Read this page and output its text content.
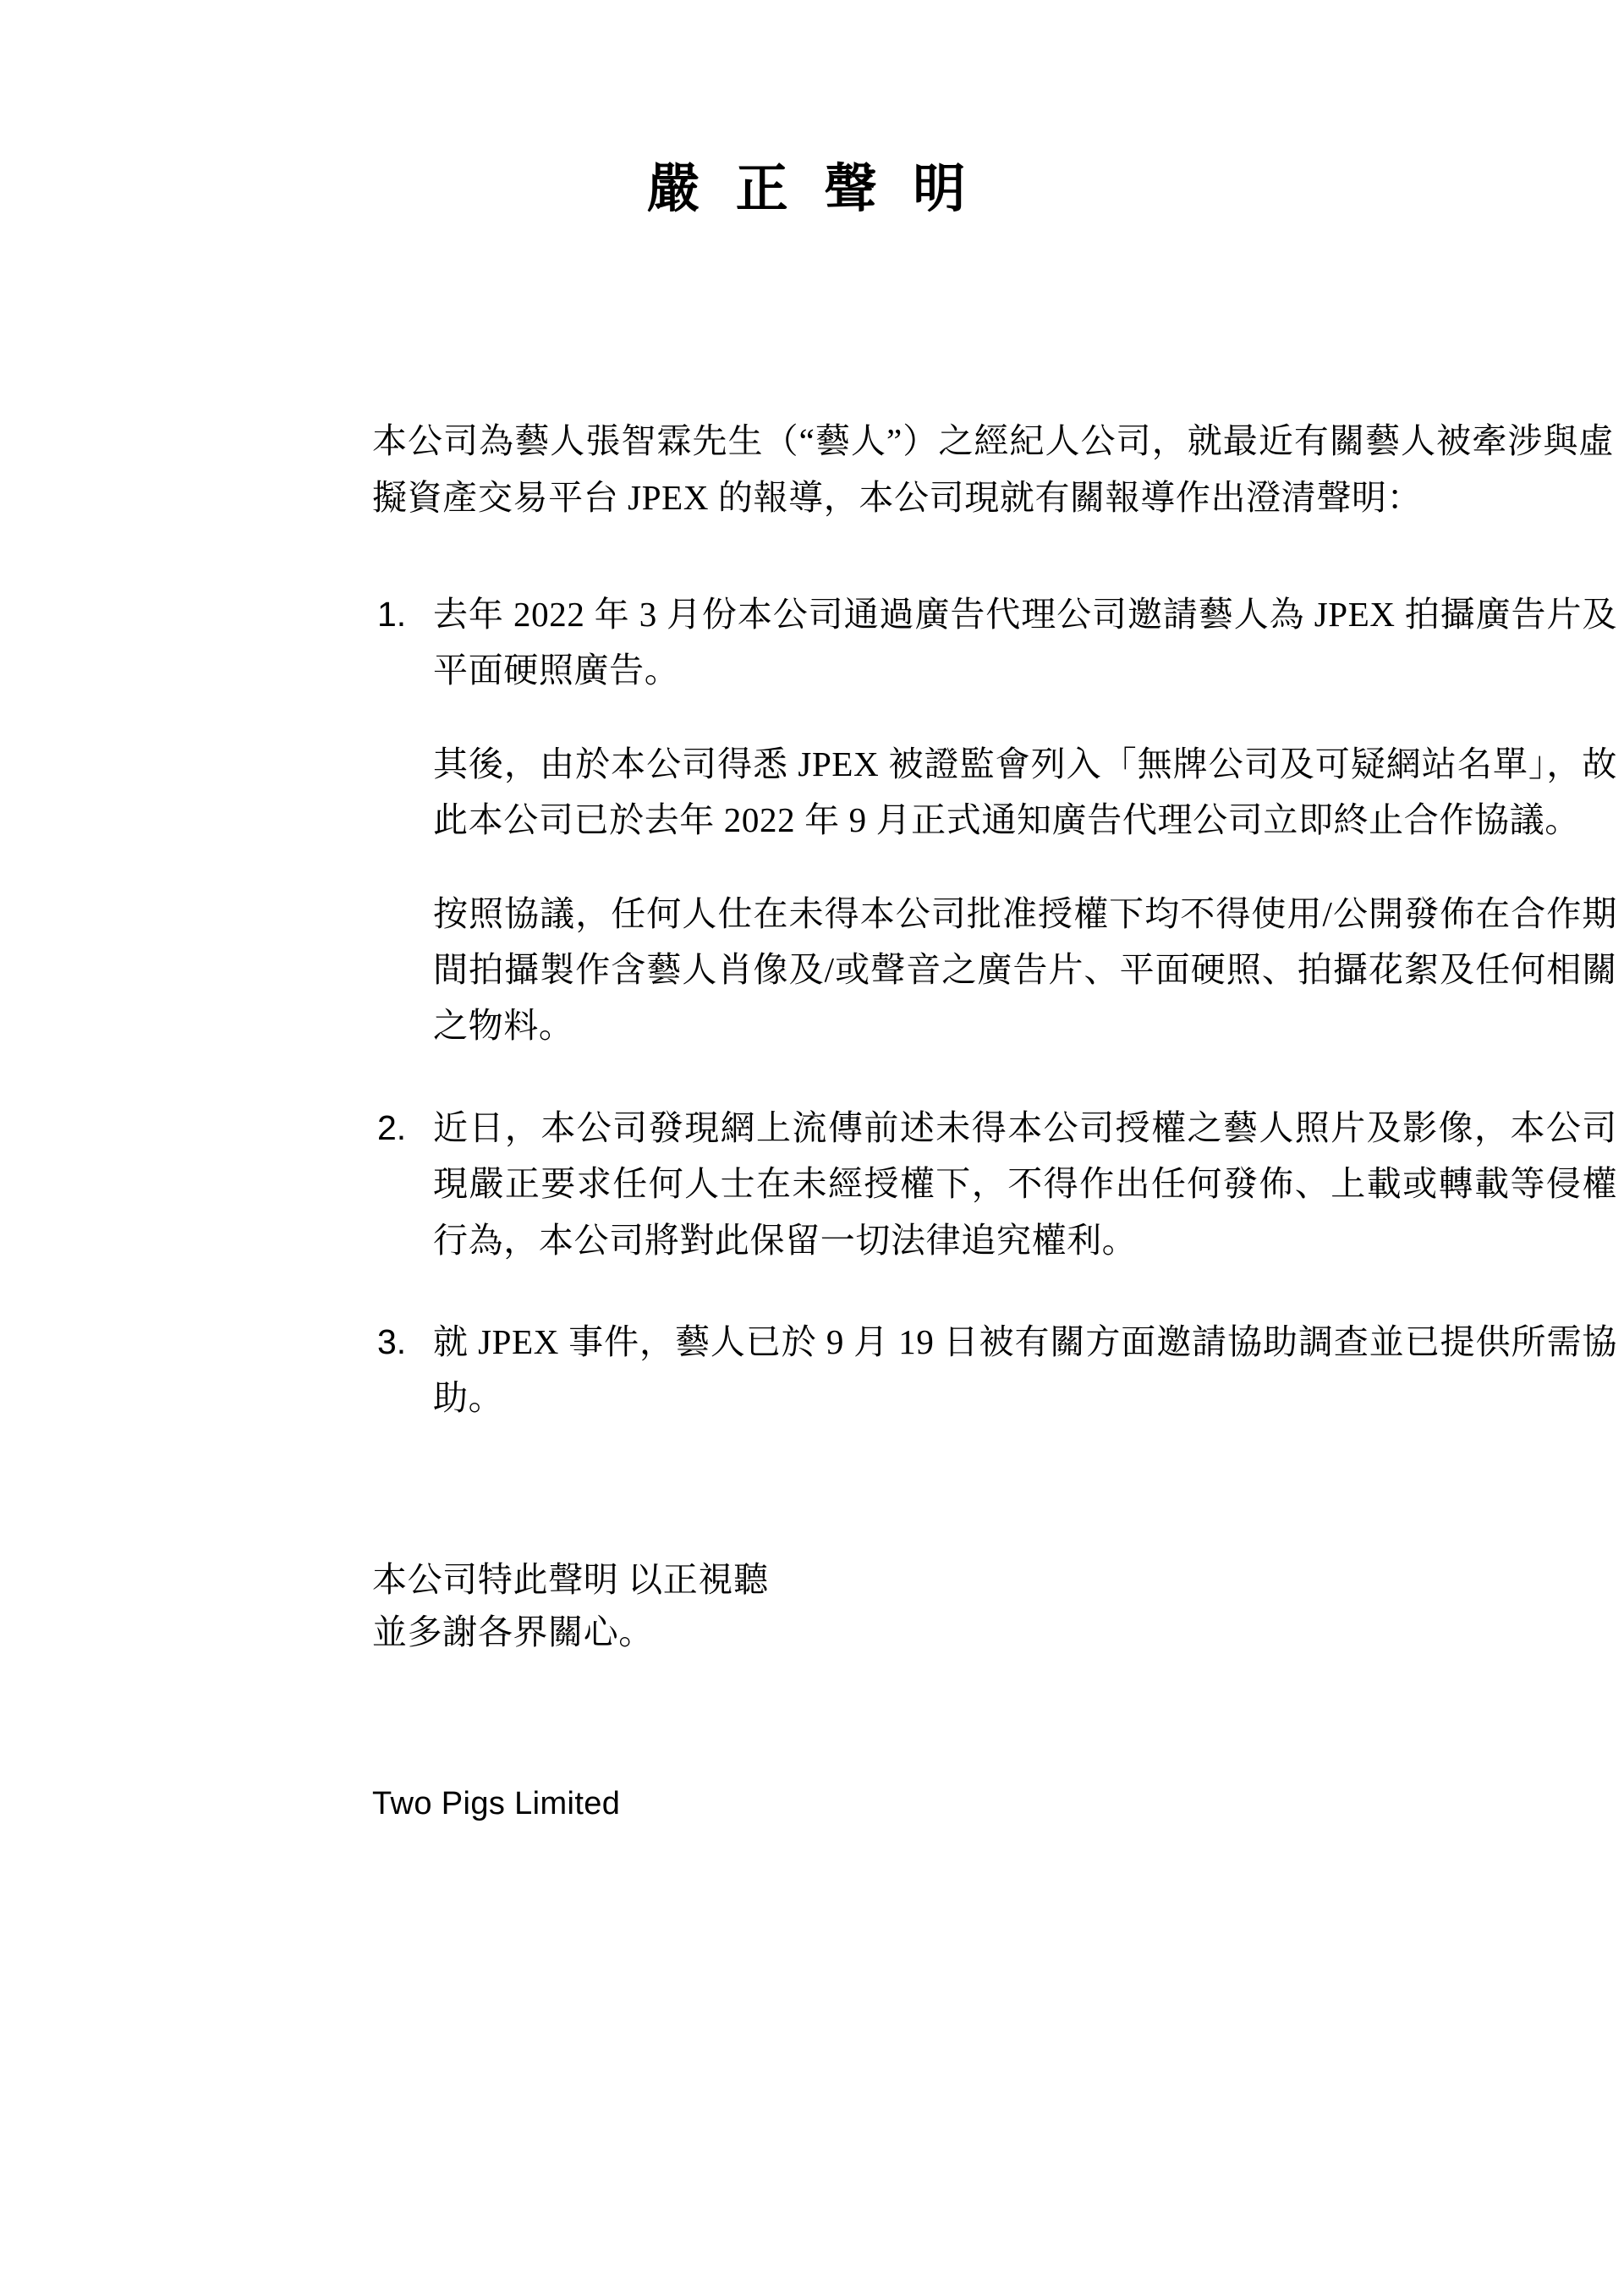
嚴 正 聲 明

本公司為藝人張智霖先生（“藝人”）之經紀人公司，就最近有關藝人被牽涉與虛擬資產交易平台 JPEX 的報導，本公司現就有關報導作出澄清聲明：

1. 去年 2022 年 3 月份本公司通過廣告代理公司邀請藝人為 JPEX 拍攝廣告片及平面硬照廣告。

其後，由於本公司得悉 JPEX 被證監會列入「無牌公司及可疑網站名單」，故此本公司已於去年 2022 年 9 月正式通知廣告代理公司立即終止合作協議。

按照協議，任何人仕在未得本公司批准授權下均不得使用/公開發佈在合作期間拍攝製作含藝人肖像及/或聲音之廣告片、平面硬照、拍攝花絮及任何相關之物料。

2. 近日，本公司發現網上流傳前述未得本公司授權之藝人照片及影像，本公司現嚴正要求任何人士在未經授權下，不得作出任何發佈、上載或轉載等侵權行為，本公司將對此保留一切法律追究權利。

3. 就 JPEX 事件，藝人已於 9 月 19 日被有關方面邀請協助調查並已提供所需協助。

本公司特此聲明 以正視聽
並多謝各界關心。
Two Pigs Limited
